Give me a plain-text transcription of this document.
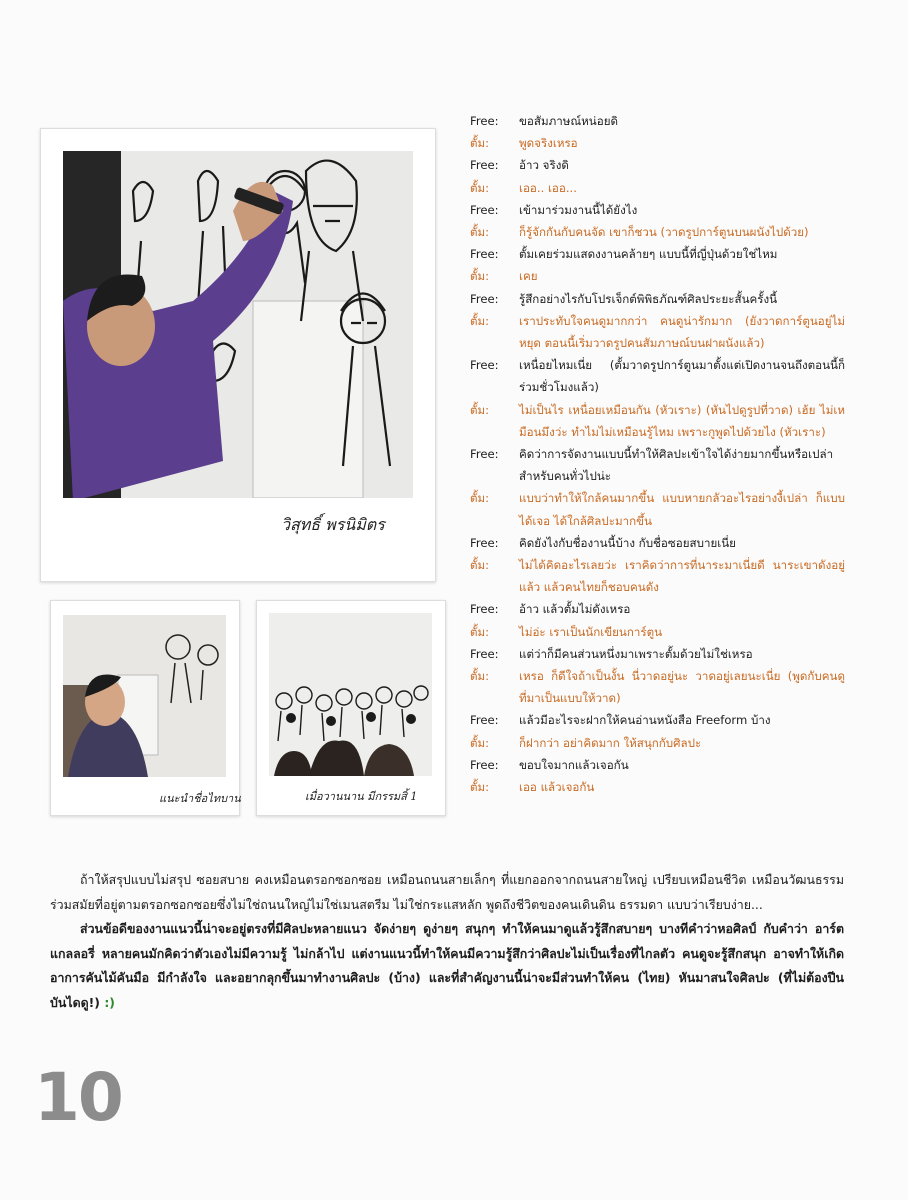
วิสุทธิ์ พรนิมิตร
แนะนำชื่อไทบาน	เมื่อวานนาน มีกรรมสิ้ 1
Free:	ขอสัมภาษณ์หน่อยดิ
ตั้ม:	พูดจริงเหรอ
Free:	อ้าว จริงดิ
ตั้ม:	เออ.. เออ...
Free:	เข้ามาร่วมงานนี้ได้ยังไง
ตั้ม:	ก็รู้จักกันกับคนจัด เขาก็ชวน (วาดรูปการ์ตูนบนผนังไปด้วย)
Free:	ตั้มเคยร่วมแสดงงานคล้ายๆ แบบนี้ที่ญี่ปุ่นด้วยใช่ไหม
ตั้ม:	เคย
Free:	รู้สึกอย่างไรกับโปรเจ็กต์พิพิธภัณฑ์ศิลประยะสั้นครั้งนี้
ตั้ม:	เราประทับใจคนดูมากกว่า คนดูน่ารักมาก (ยังวาดการ์ตูนอยู่ไม่หยุด ตอนนี้เริ่มวาดรูปคนสัมภาษณ์บนฝาผนังแล้ว)
Free:	เหนื่อยไหมเนี่ย (ตั้มวาดรูปการ์ตูนมาตั้งแต่เปิดงานจนถึงตอนนี้ก็ร่วมชั่วโมงแล้ว)
ตั้ม:	ไม่เป็นไร เหนื่อยเหมือนกัน (หัวเราะ) (หันไปดูรูปที่วาด) เฮ้ย ไม่เหมือนมึงว่ะ ทำไมไม่เหมือนรู้ไหม เพราะกูพูดไปด้วยไง (หัวเราะ)
Free:	คิดว่าการจัดงานแบบนี้ทำให้ศิลปะเข้าใจได้ง่ายมากขึ้นหรือเปล่า สำหรับคนทั่วไปน่ะ
ตั้ม:	แบบว่าทำให้ใกล้คนมากขึ้น แบบหายกลัวอะไรอย่างงี้เปล่า ก็แบบได้เจอ ได้ใกล้ศิลปะมากขึ้น
Free:	คิดยังไงกับชื่องานนี้บ้าง กับชื่อซอยสบายเนี่ย
ตั้ม:	ไม่ได้คิดอะไรเลยว่ะ เราคิดว่าการที่นาระมาเนี่ยดี นาระเขาดังอยู่แล้ว แล้วคนไทยก็ชอบคนดัง
Free:	อ้าว แล้วตั้มไม่ดังเหรอ
ตั้ม:	ไม่อ่ะ เราเป็นนักเขียนการ์ตูน
Free:	แต่ว่าก็มีคนส่วนหนึ่งมาเพราะตั้มด้วยไม่ใช่เหรอ
ตั้ม:	เหรอ ก็ดีใจถ้าเป็นงั้น นี่วาดอยู่นะ วาดอยู่เลยนะเนี่ย (พูดกับคนดูที่มาเป็นแบบให้วาด)
Free:	แล้วมีอะไรจะฝากให้คนอ่านหนังสือ Freeform บ้าง
ตั้ม:	ก็ฝากว่า อย่าคิดมาก ให้สนุกกับศิลปะ
Free:	ขอบใจมากแล้วเจอกัน
ตั้ม:	เออ แล้วเจอกัน

ถ้าให้สรุปแบบไม่สรุป ซอยสบาย คงเหมือนตรอกซอกซอย เหมือนถนนสายเล็กๆ ที่แยกออกจากถนนสายใหญ่ เปรียบเหมือนชีวิต เหมือนวัฒนธรรมร่วมสมัยที่อยู่ตามตรอกซอกซอยซึ่งไม่ใช่ถนนใหญ่ไม่ใช่เมนสตรีม ไม่ใช่กระแสหลัก พูดถึงชีวิตของคนเดินดิน ธรรมดา แบบว่าเรียบง่าย...

ส่วนข้อดีของงานแนวนี้น่าจะอยู่ตรงที่มีศิลปะหลายแนว จัดง่ายๆ ดูง่ายๆ สนุกๆ ทำให้คนมาดูแล้วรู้สึกสบายๆ บางทีคำว่าหอศิลป์ กับคำว่า อาร์ตแกลลอรี่ หลายคนมักคิดว่าตัวเองไม่มีความรู้ ไม่กล้าไป แต่งานแนวนี้ทำให้คนมีความรู้สึกว่าศิลปะไม่เป็นเรื่องที่ไกลตัว คนดูจะรู้สึกสนุก อาจทำให้เกิดอาการคันไม้คันมือ มีกำลังใจ และอยากลุกขึ้นมาทำงานศิลปะ (บ้าง) และที่สำคัญงานนี้น่าจะมีส่วนทำให้คน (ไทย) หันมาสนใจศิลปะ (ที่ไม่ต้องปีนบันไดดู!) :)

10
